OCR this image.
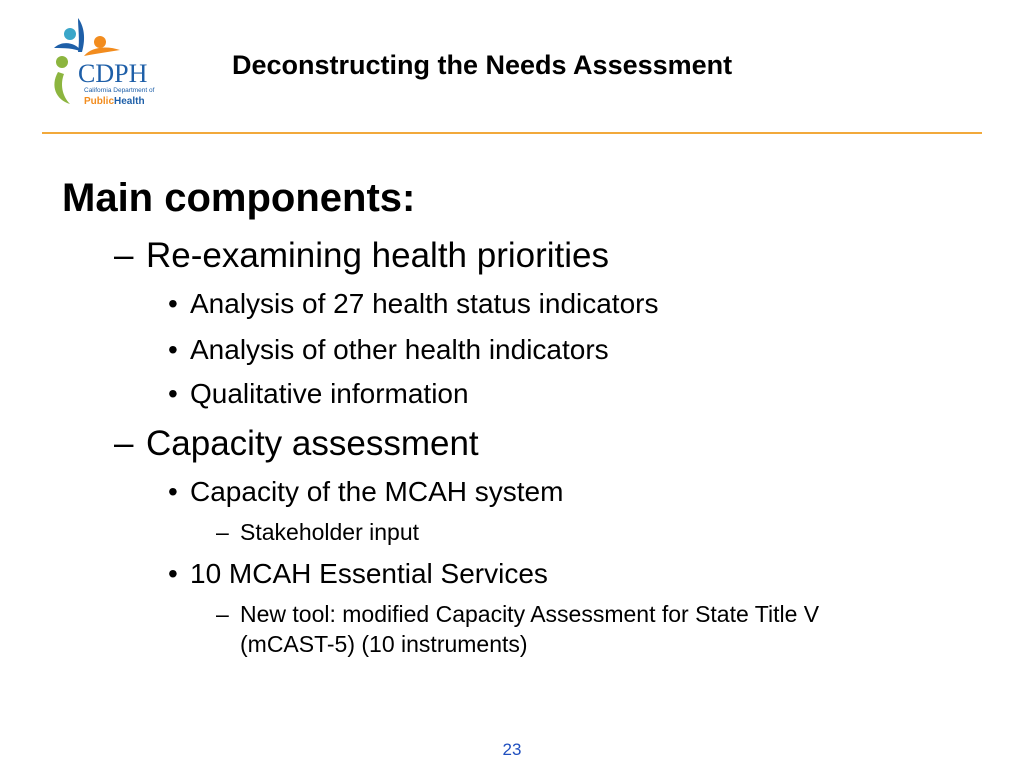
CDPH
California Department of
PublicHealth
Deconstructing the Needs Assessment
Main components:
– Re-examining health priorities
• Analysis of 27 health status indicators
• Analysis of other health indicators
• Qualitative information
– Capacity assessment
• Capacity of the MCAH system
– Stakeholder input
• 10 MCAH Essential Services
– New tool: modified Capacity Assessment for State Title V (mCAST-5) (10 instruments)
23
